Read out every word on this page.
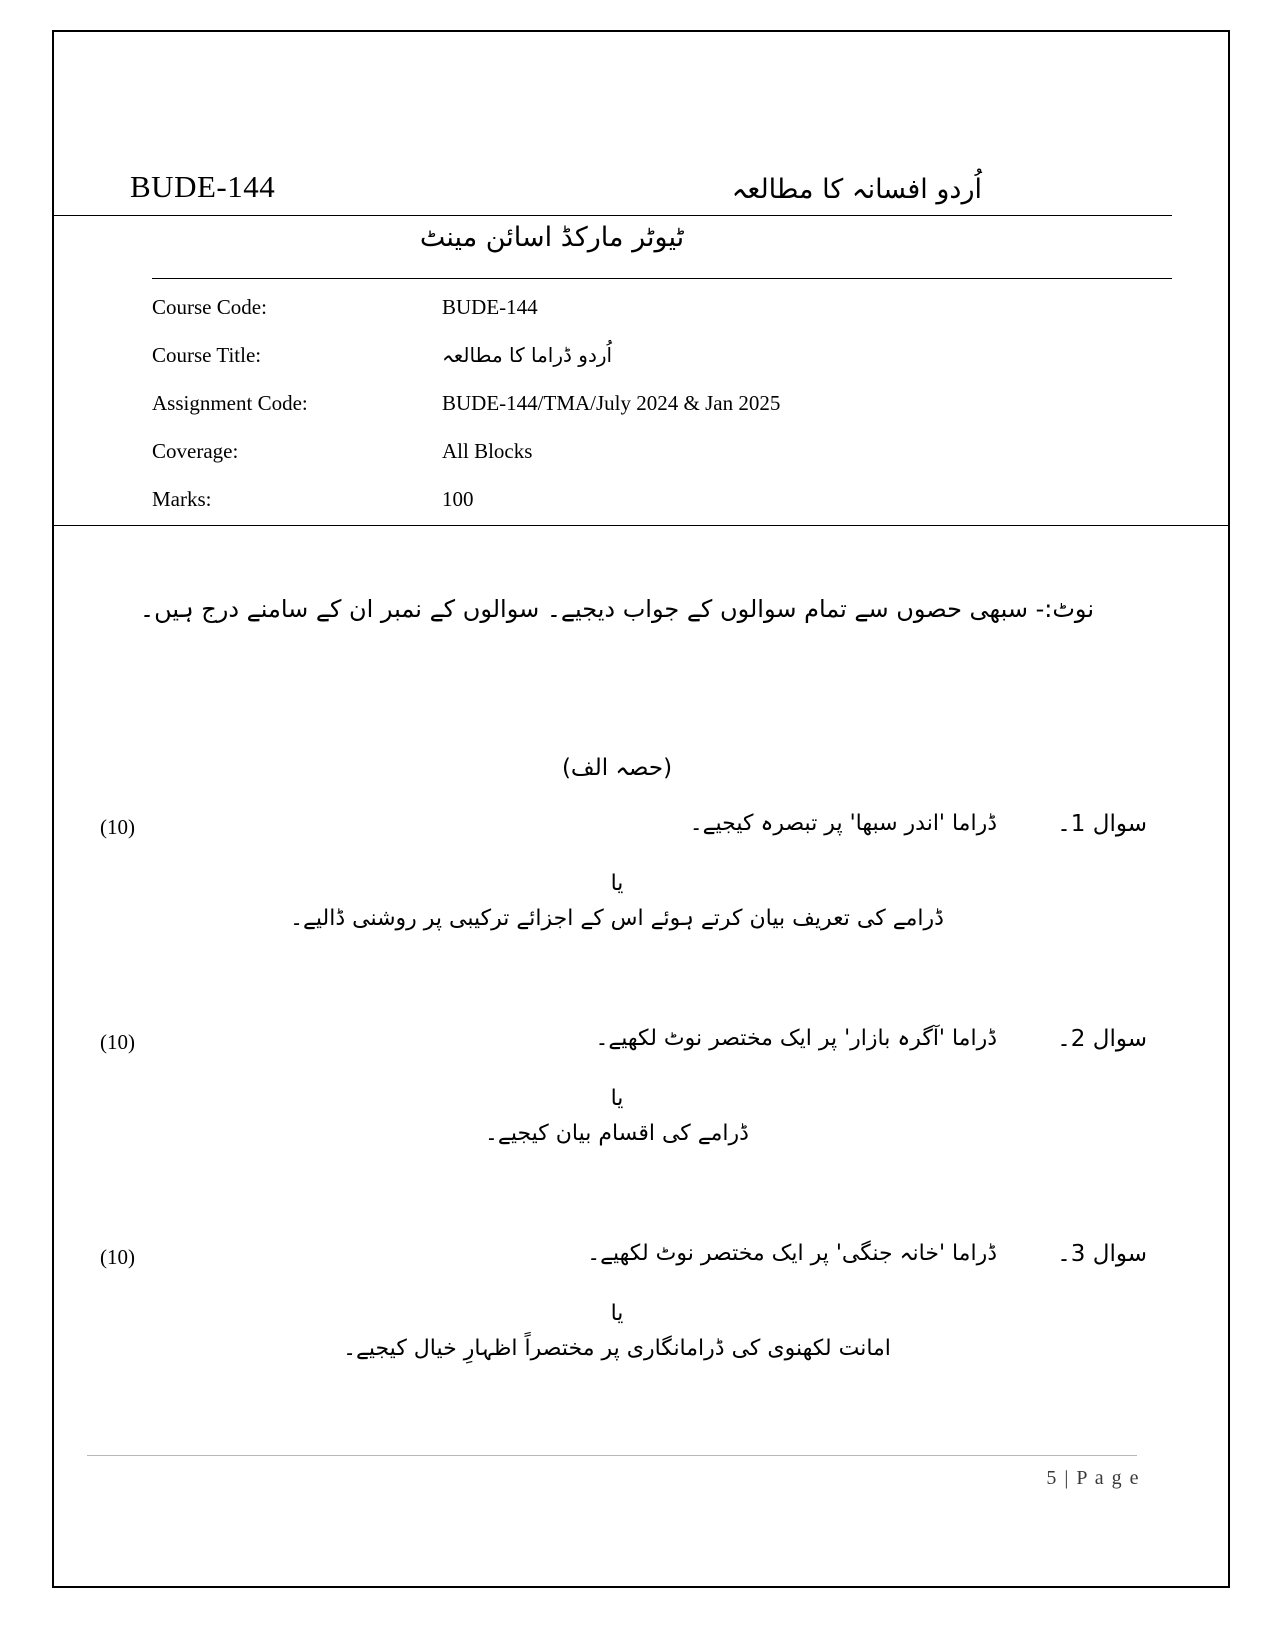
BUDE-144	اُردو افسانہ کا مطالعہ
ٹیوٹر مارکڈ اسائن مینٹ
Course Code:	BUDE-144
Course Title:	اُردو ڈراما کا مطالعہ
Assignment Code:	BUDE-144/TMA/July 2024 & Jan 2025
Coverage:	All Blocks
Marks:	100
نوٹ:- سبھی حصوں سے تمام سوالوں کے جواب دیجیے۔ سوالوں کے نمبر ان کے سامنے درج ہیں۔
(حصہ الف)
(10)	ڈراما 'اندر سبھا' پر تبصرہ کیجیے۔	سوال 1۔
یا
ڈرامے کی تعریف بیان کرتے ہوئے اس کے اجزائے ترکیبی پر روشنی ڈالیے۔
(10)	ڈراما 'آگرہ بازار' پر ایک مختصر نوٹ لکھیے۔	سوال 2۔
یا
ڈرامے کی اقسام بیان کیجیے۔
(10)	ڈراما 'خانہ جنگی' پر ایک مختصر نوٹ لکھیے۔	سوال 3۔
یا
امانت لکھنوی کی ڈرامانگاری پر مختصراً اظہارِ خیال کیجیے۔
5 | P a g e
